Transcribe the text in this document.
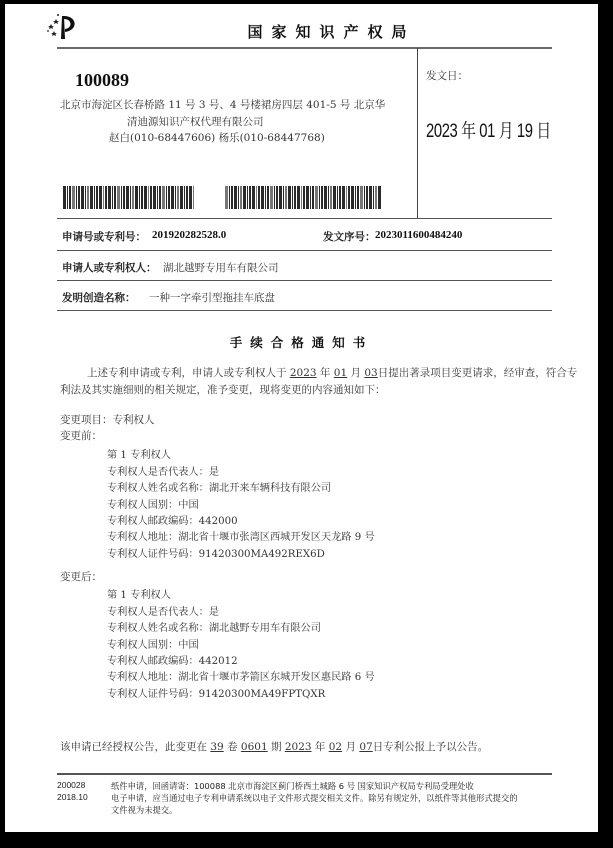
国家知识产权局
100089
北京市海淀区长春桥路 11 号 3 号、4 号楼裙房四层 401-5 号 北京华
清迪源知识产权代理有限公司
赵白(010-68447606) 杨乐(010-68447768)
发文日：
2023 年 01 月 19 日
申请号或专利号： 201920282528.0	发文序号： 2023011600484240
申请人或专利权人： 湖北越野专用车有限公司
发明创造名称： 一种一字牵引型拖挂车底盘
手续合格通知书
上述专利申请或专利，申请人或专利权人于 2023 年 01 月 03日提出著录项目变更请求，经审查，符合专
利法及其实施细则的相关规定，准予变更，现将变更的内容通知如下：
变更项目：专利权人
变更前：
第 1 专利权人
专利权人是否代表人：是
专利权人姓名或名称：湖北开来车辆科技有限公司
专利权人国别：中国
专利权人邮政编码：442000
专利权人地址：湖北省十堰市张湾区西城开发区天龙路 9 号
专利权人证件号码：91420300MA492REX6D
变更后：
第 1 专利权人
专利权人是否代表人：是
专利权人姓名或名称：湖北越野专用车有限公司
专利权人国别：中国
专利权人邮政编码：442012
专利权人地址：湖北省十堰市茅箭区东城开发区惠民路 6 号
专利权人证件号码：91420300MA49FPTQXR
该申请已经授权公告，此变更在 39 卷 0601 期 2023 年 02 月 07日专利公报上予以公告。
200028
2018.10
纸件申请，回函请寄：100088 北京市海淀区蓟门桥西土城路 6 号 国家知识产权局专利局受理处收
电子申请，应当通过电子专利申请系统以电子文件形式提交相关文件。除另有规定外，以纸件等其他形式提交的
文件视为未提交。
